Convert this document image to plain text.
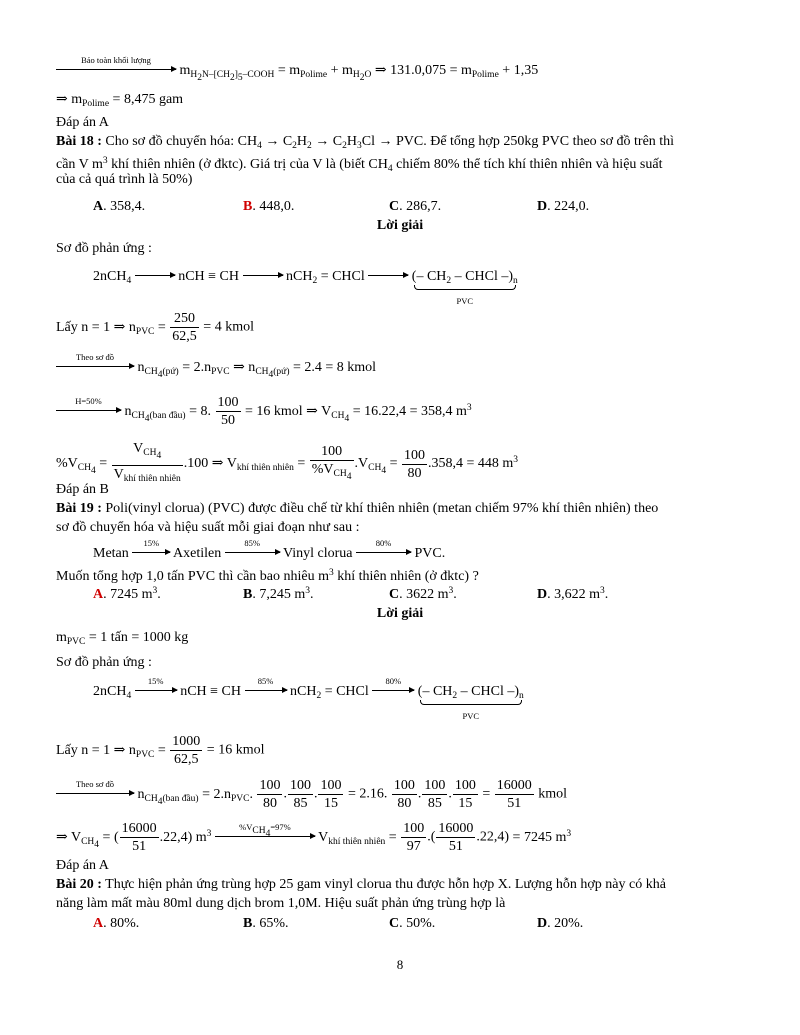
Bảo toàn khối lượng
$m_{H_2N-[CH_2]_5-COOH} = m_{Polime} + m_{H_2O}$ ⇒ $131.0,075 = m_{Polime} + 1,35$
⇒ $m_{Polime} = 8,475$ gam
Đáp án A
Bài 18 : Cho sơ đồ chuyển hóa: $CH_4 \to C_2H_2 \to C_2H_3Cl$ → PVC. Để tổng hợp 250kg PVC theo sơ đồ trên thì
cần V $m^3$ khí thiên nhiên (ở đktc). Giá trị của V là (biết $CH_4$ chiếm 80% thể tích khí thiên nhiên và hiệu suất
của cả quá trình là 50%)
A. 358,4.	B. 448,0.	C. 286,7.	D. 224,0.
Lời giải
Sơ đồ phản ứng :
2nCH$_4$ → nCH ≡ CH → nCH$_2$ = CHCl → (– $CH_2$ – CHCl $-)_n$
PVC
Lấy n = 1 ⇒ $n_{PVC} = \frac{250}{62,5} = 4$ kmol
Theo sơ đồ
$n_{CH_4(pứ)} = 2.n_{PVC}$ ⇒ $n_{CH_4(pứ)} = 2.4 = 8$ kmol
H=50%
$n_{CH_4(ban đầu)} = 8$. $\frac{100}{50} = 16$ kmol ⇒ $V_{CH_4} = 16.22,4 = 358,4$ $m^3$
$\%V_{CH_4} = \frac{V_{CH_4}}{V_{khí thiên nhiên}} .100$ ⇒ $V_{khí thiên nhiên} = \frac{100}{\%V_{CH_4}} .V_{CH_4} = \frac{100}{80} .358,4 = 448$ $m^3$
Đáp án B
Bài 19 : Poli(vinyl clorua) (PVC) được điều chế từ khí thiên nhiên (metan chiếm 97% khí thiên nhiên) theo
sơ đồ chuyển hóa và hiệu suất mỗi giai đoạn như sau :
Metan
15%
Axetilen
85%
Vinyl clorua
80%
PVC.
Muốn tổng hợp 1,0 tấn PVC thì cần bao nhiêu $m^3$ khí thiên nhiên (ở đktc) ?
A. 7245 $m^3$.	B. 7,245 $m^3$.	C. 3622 $m^3$.	D. 3,622 $m^3$.
Lời giải
$m_{PVC} = 1$ tấn = 1000 kg
Sơ đồ phản ứng :
2nCH$_4$
15%
nCH ≡ CH
85%
nCH$_2$ = CHCl
80%
(– $CH_2$ – CHCl $-)_n$
PVC
Lấy n = 1 ⇒ $n_{PVC} = \frac{1000}{62,5} = 16$ kmol
Theo sơ đồ
$n_{CH_4(ban đầu)} = 2.n_{PVC}$. $\frac{100}{80}$ . $\frac{100}{85}$ . $\frac{100}{15} = 2.16$. $\frac{100}{80}$ . $\frac{100}{85}$ . $\frac{100}{15} = \frac{16000}{51}$ kmol
⇒ $V_{CH_4}$ = ( $\frac{16000}{51} .22,4$) $m^3$
$\%V_{CH_4}=97\%$
$V_{khí thiên nhiên} = \frac{100}{97}$ .( $\frac{16000}{51} .22,4) = 7245$ $m^3$
Đáp án A
Bài 20 : Thực hiện phản ứng trùng hợp 25 gam vinyl clorua thu được hỗn hợp X. Lượng hỗn hợp này có khả
năng làm mất màu 80ml dung dịch brom 1,0M. Hiệu suất phản ứng trùng hợp là
A. 80%.	B. 65%.	C. 50%.	D. 20%.
8
